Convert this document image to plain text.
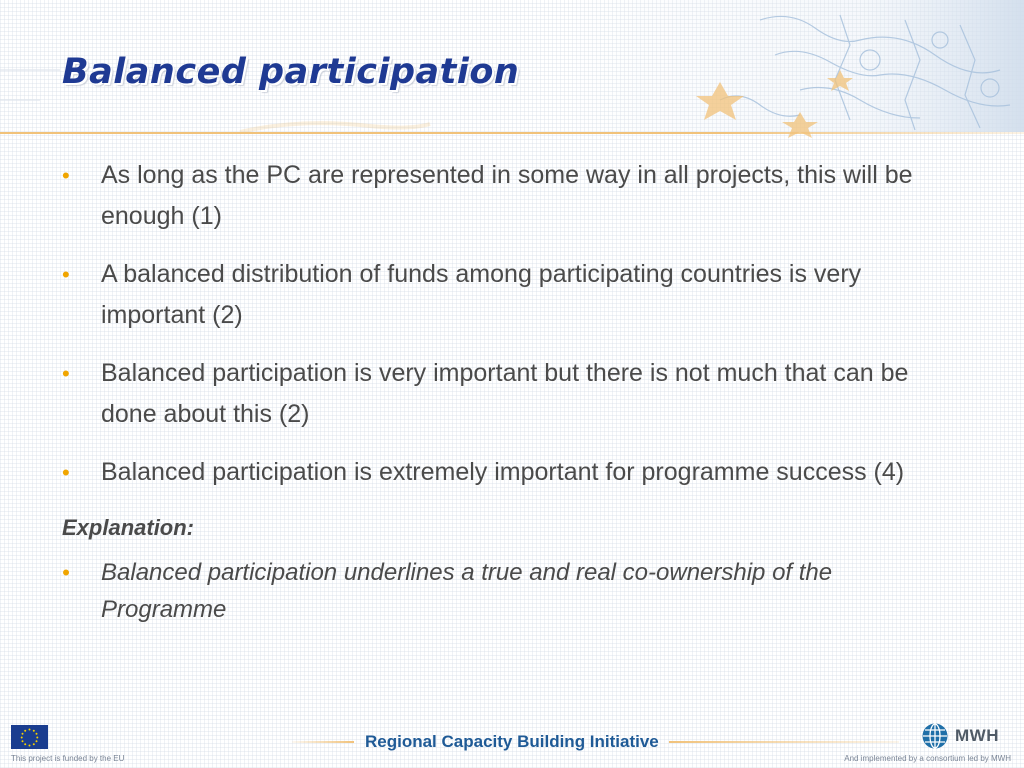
Balanced participation
• As long as the PC are represented in some way in all projects, this will be enough (1)
• A balanced distribution of funds among participating countries is very important (2)
• Balanced participation is very important but there is not much that can be done about this (2)
• Balanced participation is extremely important for programme success (4)

Explanation:

• Balanced participation underlines a true and real co-ownership of the Programme
This project is funded by the EU

Regional Capacity Building Initiative	MWH
And implemented by a consortium led by MWH
